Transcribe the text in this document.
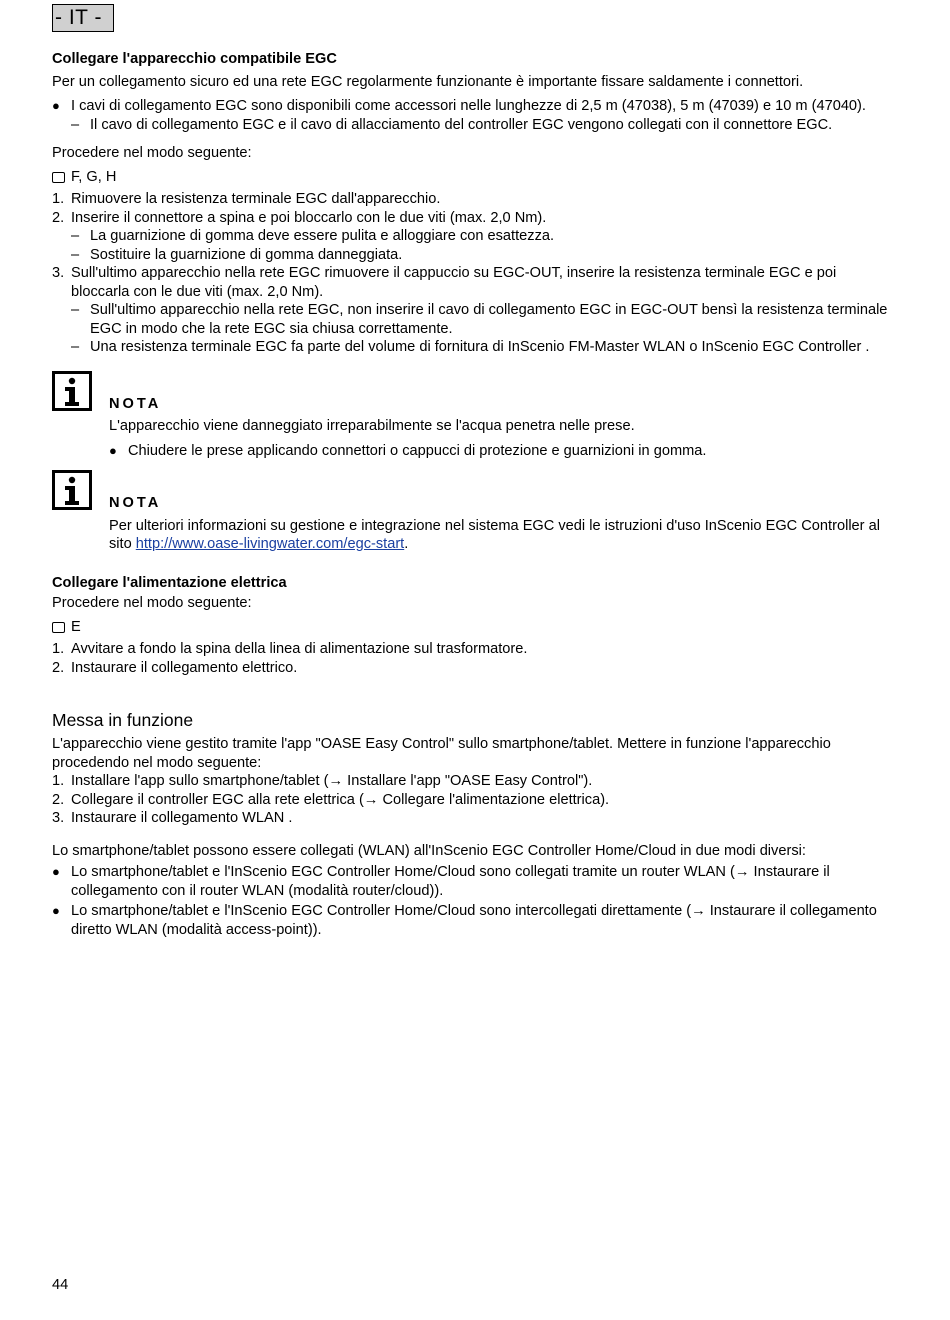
- IT -
Collegare l'apparecchio compatibile EGC
Per un collegamento sicuro ed una rete EGC regolarmente funzionante è importante fissare saldamente i connettori.
● I cavi di collegamento EGC sono disponibili come accessori nelle lunghezze di 2,5 m (47038), 5 m (47039) e 10 m (47040).
– Il cavo di collegamento EGC e il cavo di allacciamento del controller EGC vengono collegati con il connettore EGC.
Procedere nel modo seguente:
F, G, H
1. Rimuovere la resistenza terminale EGC dall'apparecchio.
2. Inserire il connettore a spina e poi bloccarlo con le due viti (max. 2,0 Nm).
– La guarnizione di gomma deve essere pulita e alloggiare con esattezza.
– Sostituire la guarnizione di gomma danneggiata.
3. Sull'ultimo apparecchio nella rete EGC rimuovere il cappuccio su EGC-OUT, inserire la resistenza terminale EGC e poi bloccarla con le due viti (max. 2,0 Nm).
– Sull'ultimo apparecchio nella rete EGC, non inserire il cavo di collegamento EGC in EGC-OUT bensì la resistenza terminale EGC in modo che la rete EGC sia chiusa correttamente.
– Una resistenza terminale EGC fa parte del volume di fornitura di InScenio FM-Master WLAN o InScenio EGC Controller .
NOTA
L'apparecchio viene danneggiato irreparabilmente se l'acqua penetra nelle prese.
● Chiudere le prese applicando connettori o cappucci di protezione e guarnizioni in gomma.
NOTA
Per ulteriori informazioni su gestione e integrazione nel sistema EGC vedi le istruzioni d'uso InScenio EGC Controller al sito http://www.oase-livingwater.com/egc-start.
Collegare l'alimentazione elettrica
Procedere nel modo seguente:
E
1. Avvitare a fondo la spina della linea di alimentazione sul trasformatore.
2. Instaurare il collegamento elettrico.
Messa in funzione
L'apparecchio viene gestito tramite l'app "OASE Easy Control" sullo smartphone/tablet. Mettere in funzione l'apparecchio procedendo nel modo seguente:
1. Installare l'app sullo smartphone/tablet (→ Installare l'app "OASE Easy Control").
2. Collegare il controller EGC alla rete elettrica (→ Collegare l'alimentazione elettrica).
3. Instaurare il collegamento WLAN .
Lo smartphone/tablet possono essere collegati (WLAN) all'InScenio EGC Controller Home/Cloud in due modi diversi:
● Lo smartphone/tablet e l'InScenio EGC Controller Home/Cloud sono collegati tramite un router WLAN (→ Instaurare il collegamento con il router WLAN (modalità router/cloud)).
● Lo smartphone/tablet e l'InScenio EGC Controller Home/Cloud sono intercollegati direttamente (→ Instaurare il collegamento diretto WLAN (modalità access-point)).
44
